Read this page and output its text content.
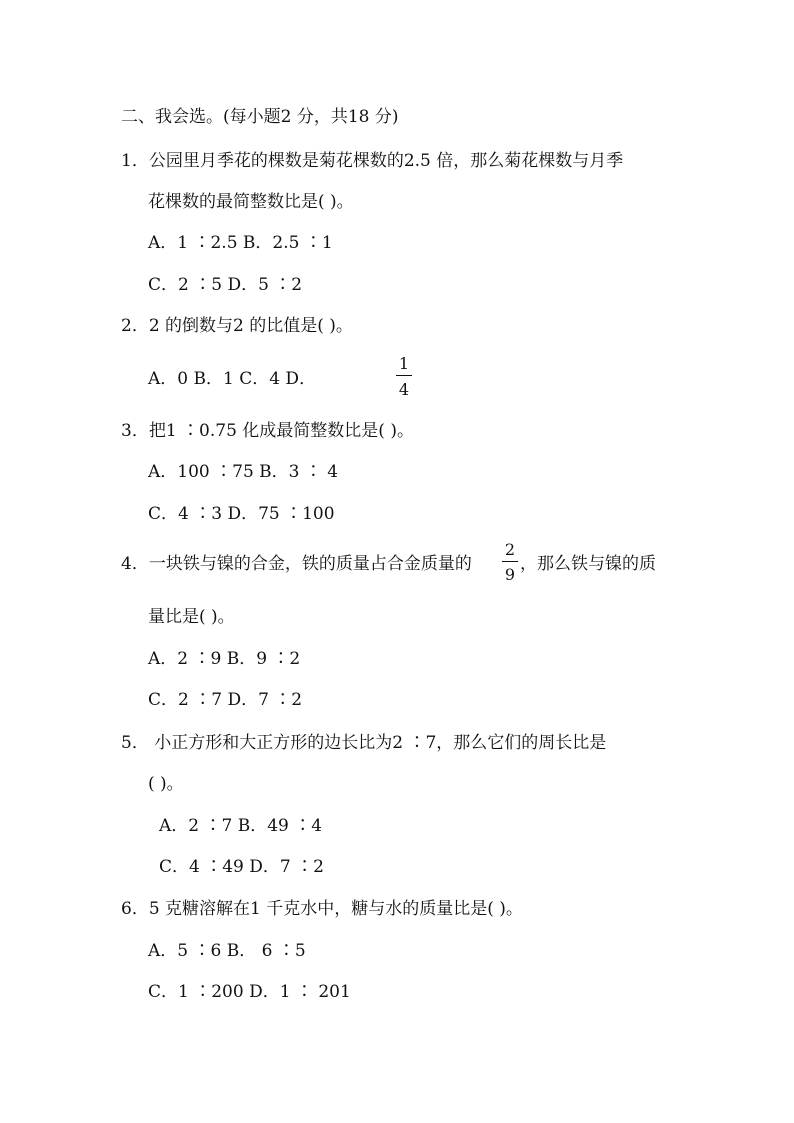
二、我会选。(每小题2 分，共18 分)
1．公园里月季花的棵数是菊花棵数的2.5 倍，那么菊花棵数与月季
花棵数的最简整数比是( )。
A．1 ∶2.5 B．2.5 ∶1
C．2 ∶5 D．5 ∶2
2．2 的倒数与2 的比值是( )。
A．0 B．1 C．4 D．
1
4
3．把1 ∶0.75 化成最简整数比是( )。
A．100 ∶75 B．3 ∶ 4
C．4 ∶3 D．75 ∶100
4．一块铁与镍的合金，铁的质量占合金质量的
2
9
，那么铁与镍的质
量比是( )。
A．2 ∶9 B．9 ∶2
C．2 ∶7 D．7 ∶2
5． 小正方形和大正方形的边长比为2 ∶7，那么它们的周长比是
( )。
A．2 ∶7 B．49 ∶4
C．4 ∶49 D．7 ∶2
6．5 克糖溶解在1 千克水中，糖与水的质量比是( )。
A．5 ∶6 B． 6 ∶5
C．1 ∶200 D．1 ∶ 201
